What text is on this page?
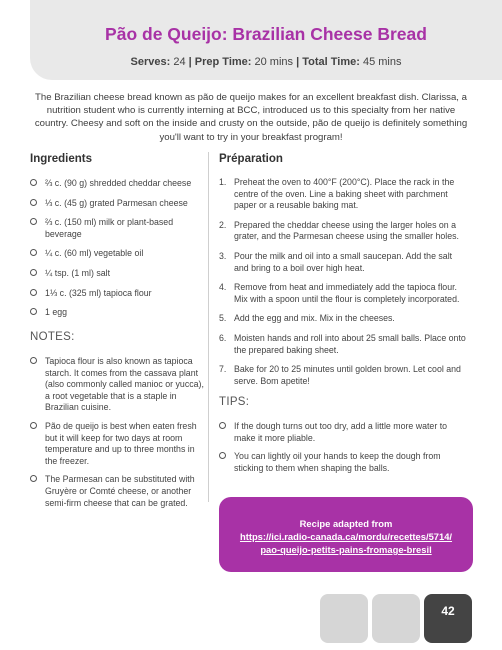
Pão de Queijo: Brazilian Cheese Bread
Serves: 24 | Prep Time: 20 mins | Total Time: 45 mins
The Brazilian cheese bread known as pão de queijo makes for an excellent breakfast dish. Clarissa, a nutrition student who is currently interning at BCC, introduced us to this specialty from her native country. Cheesy and soft on the inside and crusty on the outside, pão de queijo is definitely something you'll want to try in your breakfast program!
Ingredients
⅔ c. (90 g) shredded cheddar cheese
⅓ c. (45 g) grated Parmesan cheese
⅔ c. (150 ml) milk or plant-based beverage
¼ c. (60 ml) vegetable oil
¼ tsp. (1 ml) salt
1⅓ c. (325 ml) tapioca flour
1 egg
NOTES:
Tapioca flour is also known as tapioca starch. It comes from the cassava plant (also commonly called manioc or yucca), a root vegetable that is a staple in Brazilian cuisine.
Pão de queijo is best when eaten fresh but it will keep for two days at room temperature and up to three months in the freezer.
The Parmesan can be substituted with Gruyère or Comté cheese, or another semi-firm cheese that can be grated.
Préparation
1. Preheat the oven to 400°F (200°C). Place the rack in the centre of the oven. Line a baking sheet with parchment paper or a reusable baking mat.
2. Prepared the cheddar cheese using the larger holes on a grater, and the Parmesan cheese using the smaller holes.
3. Pour the milk and oil into a small saucepan. Add the salt and bring to a boil over high heat.
4. Remove from heat and immediately add the tapioca flour. Mix with a spoon until the flour is completely incorporated.
5. Add the egg and mix. Mix in the cheeses.
6. Moisten hands and roll into about 25 small balls. Place onto the prepared baking sheet.
7. Bake for 20 to 25 minutes until golden brown. Let cool and serve. Bom apetite!
TIPS:
If the dough turns out too dry, add a little more water to make it more pliable.
You can lightly oil your hands to keep the dough from sticking to them when shaping the balls.
Recipe adapted from
https://ici.radio-canada.ca/mordu/recettes/5714/
pao-queijo-petits-pains-fromage-bresil
42
